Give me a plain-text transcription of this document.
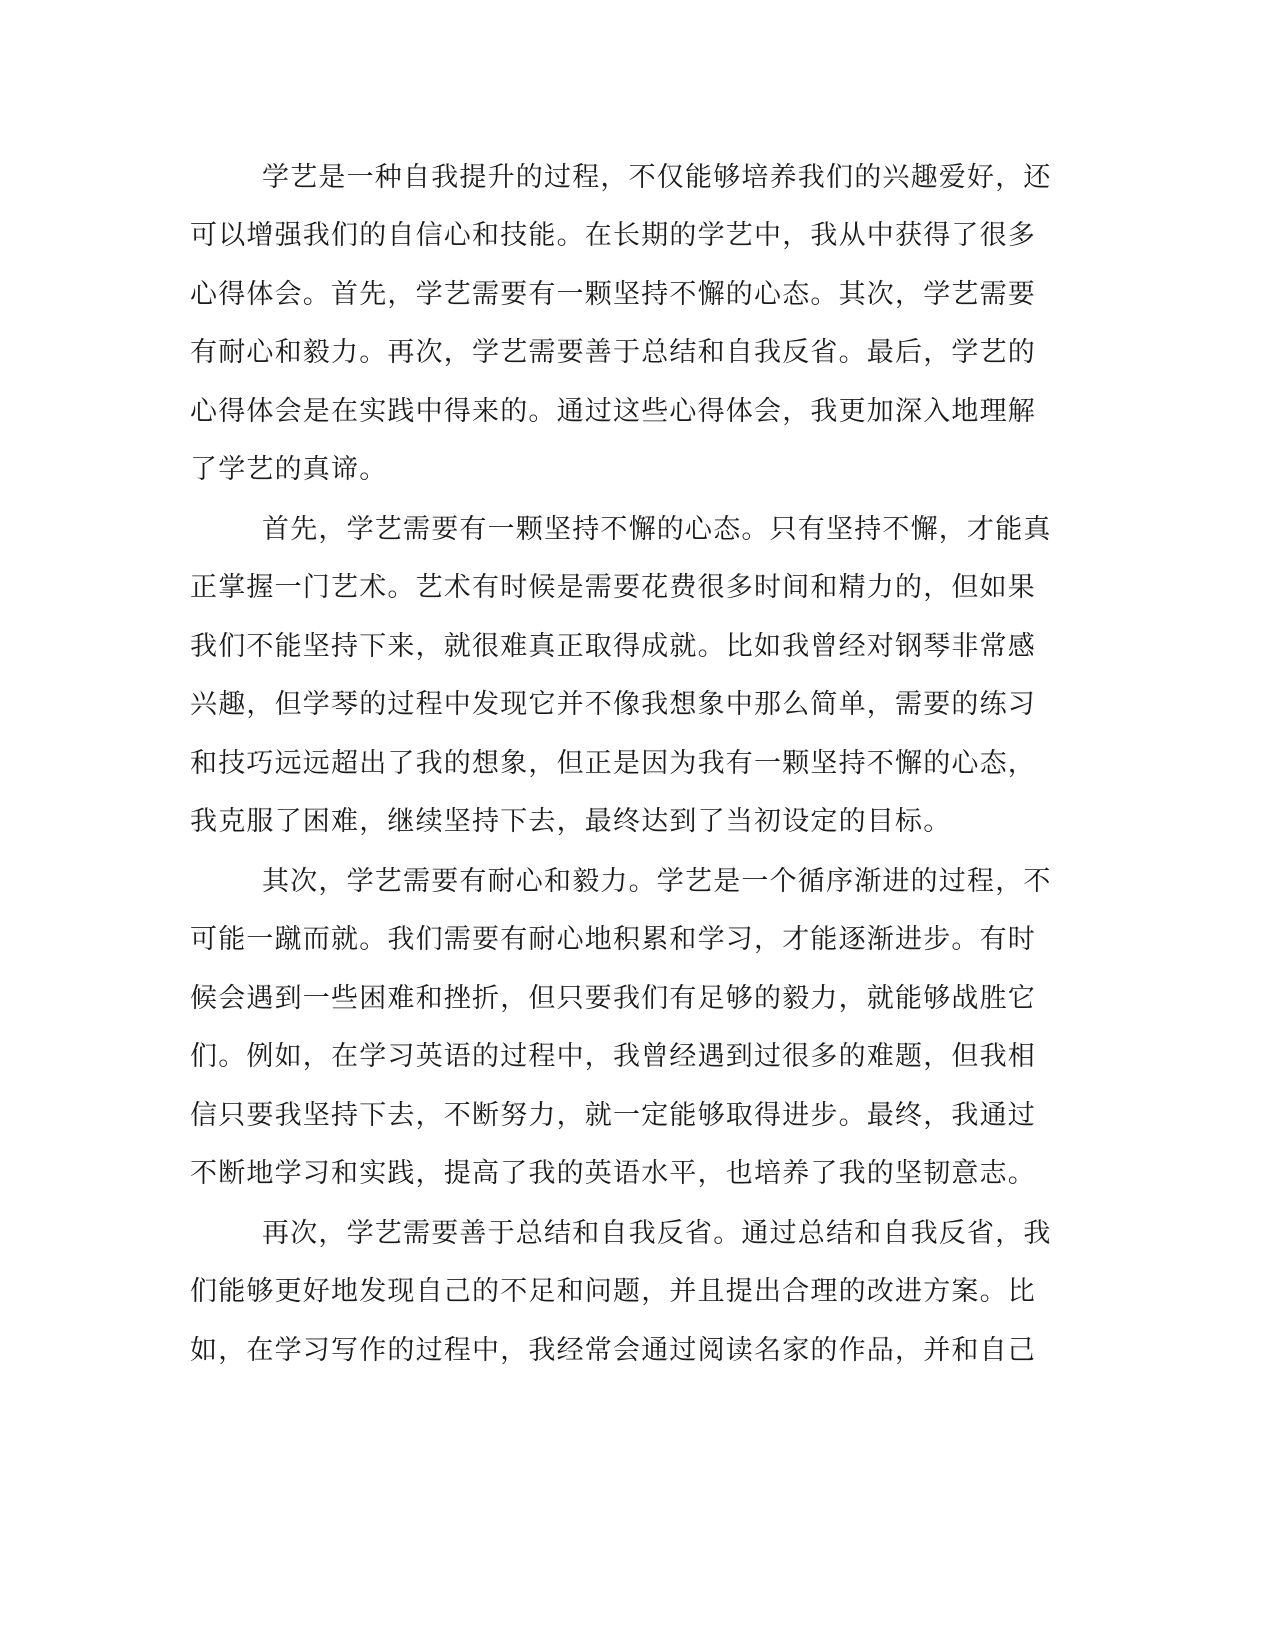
学艺是一种自我提升的过程，不仅能够培养我们的兴趣爱好，还
可以增强我们的自信心和技能。在长期的学艺中，我从中获得了很多
心得体会。首先，学艺需要有一颗坚持不懈的心态。其次，学艺需要
有耐心和毅力。再次，学艺需要善于总结和自我反省。最后，学艺的
心得体会是在实践中得来的。通过这些心得体会，我更加深入地理解
了学艺的真谛。
首先，学艺需要有一颗坚持不懈的心态。只有坚持不懈，才能真
正掌握一门艺术。艺术有时候是需要花费很多时间和精力的，但如果
我们不能坚持下来，就很难真正取得成就。比如我曾经对钢琴非常感
兴趣，但学琴的过程中发现它并不像我想象中那么简单，需要的练习
和技巧远远超出了我的想象，但正是因为我有一颗坚持不懈的心态，
我克服了困难，继续坚持下去，最终达到了当初设定的目标。
其次，学艺需要有耐心和毅力。学艺是一个循序渐进的过程，不
可能一蹴而就。我们需要有耐心地积累和学习，才能逐渐进步。有时
候会遇到一些困难和挫折，但只要我们有足够的毅力，就能够战胜它
们。例如，在学习英语的过程中，我曾经遇到过很多的难题，但我相
信只要我坚持下去，不断努力，就一定能够取得进步。最终，我通过
不断地学习和实践，提高了我的英语水平，也培养了我的坚韧意志。
再次，学艺需要善于总结和自我反省。通过总结和自我反省，我
们能够更好地发现自己的不足和问题，并且提出合理的改进方案。比
如，在学习写作的过程中，我经常会通过阅读名家的作品，并和自己
